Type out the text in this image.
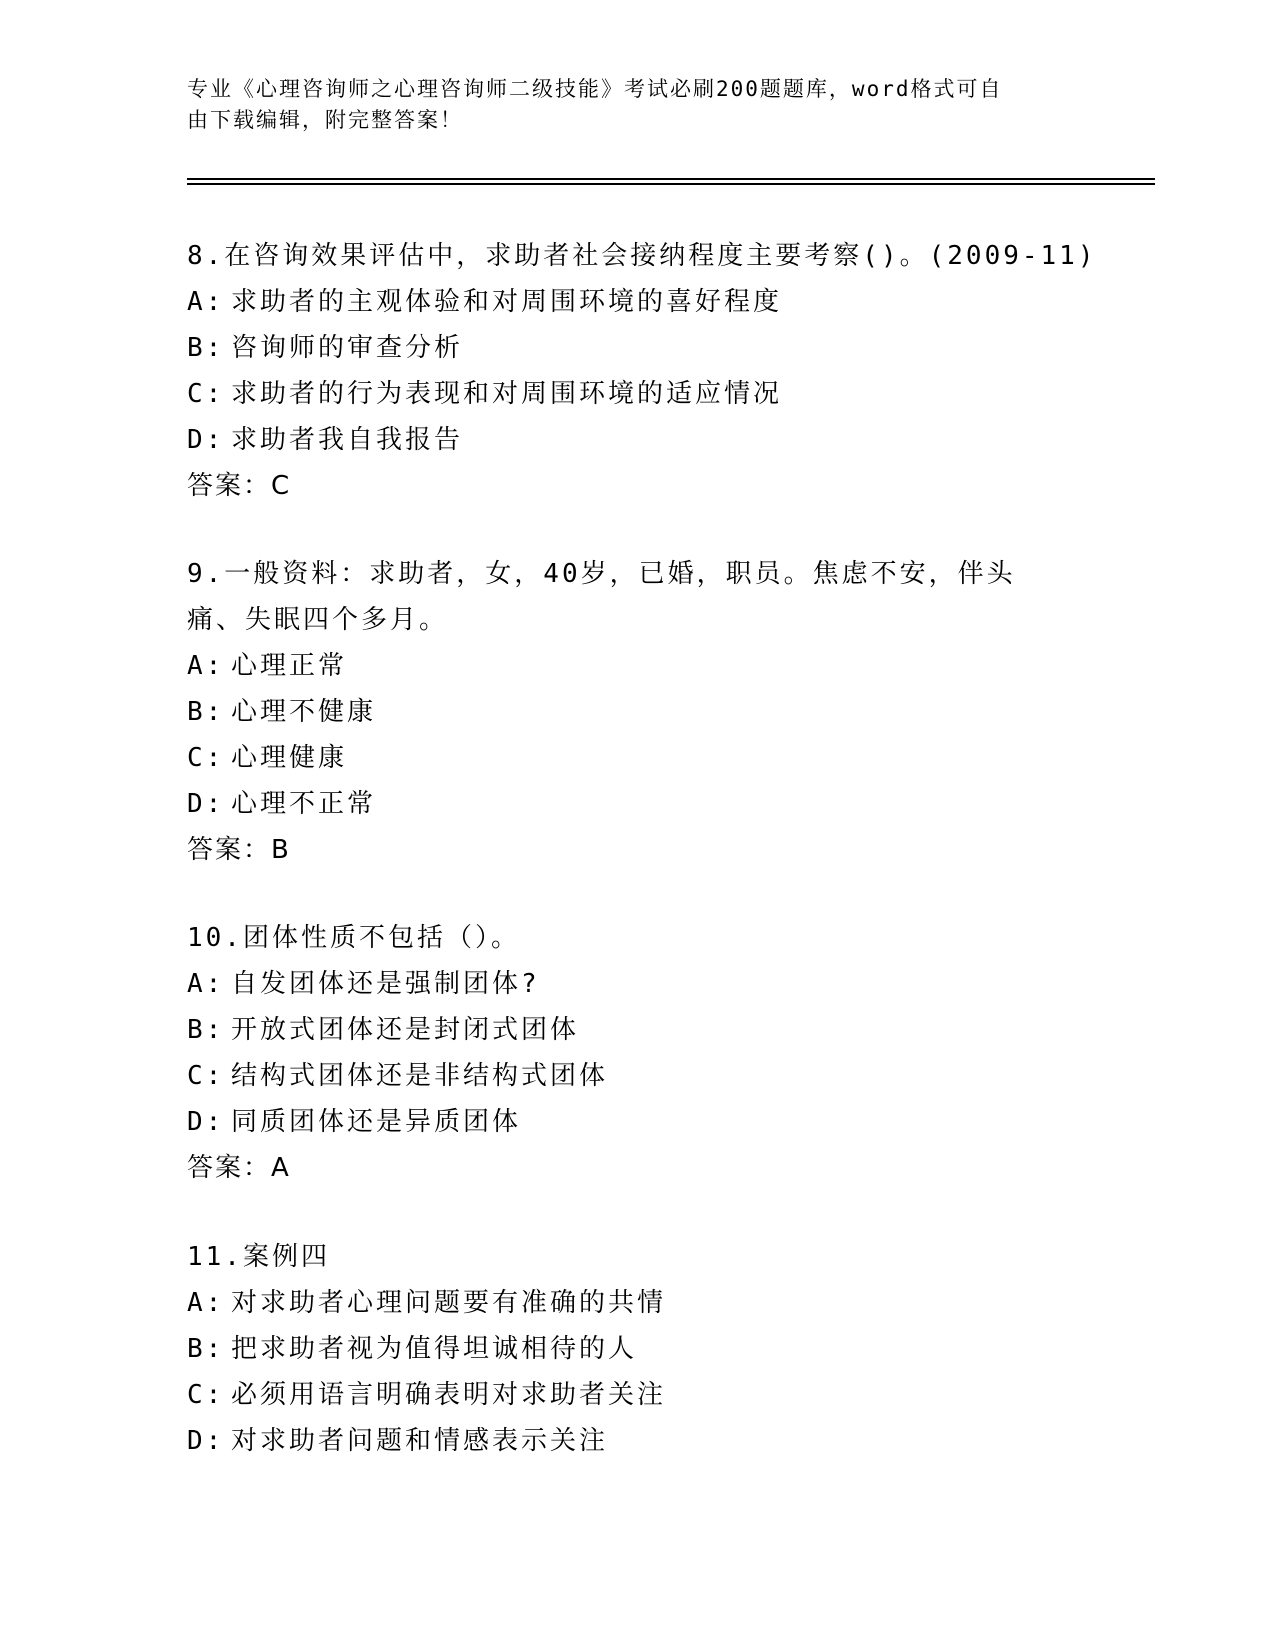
专业《心理咨询师之心理咨询师二级技能》考试必刷200题题库，word格式可自
由下载编辑，附完整答案！
8.在咨询效果评估中，求助者社会接纳程度主要考察()。(2009-11)
A: 求助者的主观体验和对周围环境的喜好程度
B: 咨询师的审查分析
C: 求助者的行为表现和对周围环境的适应情况
D: 求助者我自我报告
答案：C
9.一般资料：求助者，女，40岁，已婚，职员。焦虑不安，伴头痛、失眠四个多月。
A: 心理正常
B: 心理不健康
C: 心理健康
D: 心理不正常
答案：B
10.团体性质不包括（）。
A: 自发团体还是强制团体?
B: 开放式团体还是封闭式团体
C: 结构式团体还是非结构式团体
D: 同质团体还是异质团体
答案：A
11.案例四
A: 对求助者心理问题要有准确的共情
B: 把求助者视为值得坦诚相待的人
C: 必须用语言明确表明对求助者关注
D: 对求助者问题和情感表示关注
